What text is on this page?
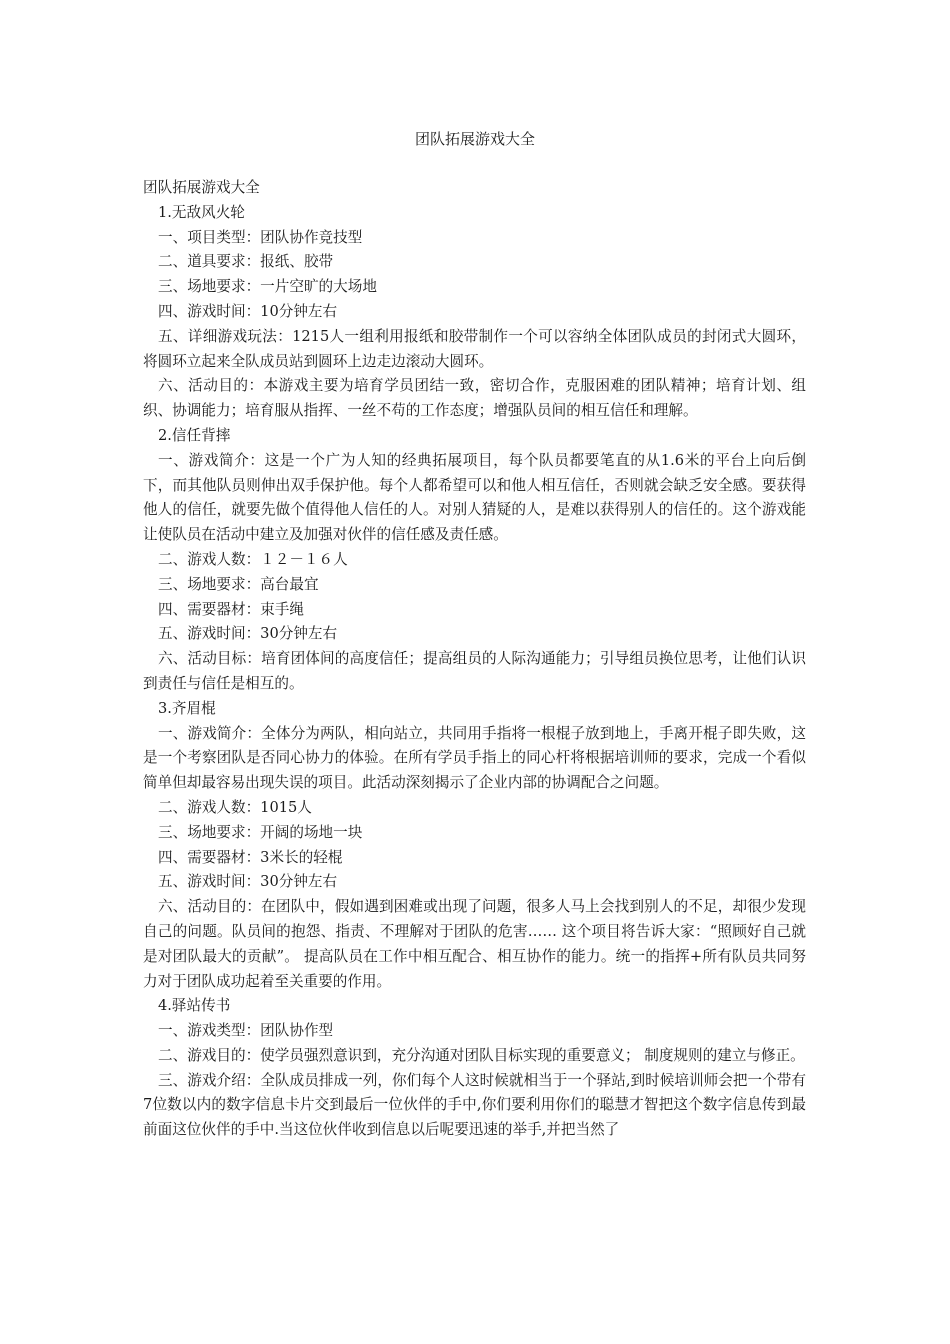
团队拓展游戏大全

团队拓展游戏大全

1.无敌风火轮

一、项目类型：团队协作竞技型

二、道具要求：报纸、胶带

三、场地要求：一片空旷的大场地

四、游戏时间：10分钟左右

五、详细游戏玩法：1215人一组利用报纸和胶带制作一个可以容纳全体团队成员的封闭式大圆环，将圆环立起来全队成员站到圆环上边走边滚动大圆环。

六、活动目的：本游戏主要为培育学员团结一致，密切合作，克服困难的团队精神；培育计划、组织、协调能力；培育服从指挥、一丝不苟的工作态度；增强队员间的相互信任和理解。

2.信任背摔

一、游戏简介：这是一个广为人知的经典拓展项目，每个队员都要笔直的从1.6米的平台上向后倒下，而其他队员则伸出双手保护他。每个人都希望可以和他人相互信任，否则就会缺乏安全感。要获得他人的信任，就要先做个值得他人信任的人。对别人猜疑的人，是难以获得别人的信任的。这个游戏能让使队员在活动中建立及加强对伙伴的信任感及责任感。

二、游戏人数：１２－１６人

三、场地要求：高台最宜

四、需要器材：束手绳

五、游戏时间：30分钟左右

六、活动目标：培育团体间的高度信任；提高组员的人际沟通能力；引导组员换位思考，让他们认识到责任与信任是相互的。

3.齐眉棍

一、游戏简介：全体分为两队，相向站立，共同用手指将一根棍子放到地上，手离开棍子即失败，这是一个考察团队是否同心协力的体验。在所有学员手指上的同心杆将根据培训师的要求，完成一个看似简单但却最容易出现失误的项目。此活动深刻揭示了企业内部的协调配合之问题。

二、游戏人数：1015人

三、场地要求：开阔的场地一块

四、需要器材：3米长的轻棍

五、游戏时间：30分钟左右

六、活动目的：在团队中，假如遇到困难或出现了问题，很多人马上会找到别人的不足，却很少发现自己的问题。队员间的抱怨、指责、不理解对于团队的危害…… 这个项目将告诉大家：“照顾好自己就是对团队最大的贡献”。 提高队员在工作中相互配合、相互协作的能力。统一的指挥+所有队员共同努力对于团队成功起着至关重要的作用。

4.驿站传书

一、游戏类型：团队协作型

二、游戏目的：使学员强烈意识到，充分沟通对团队目标实现的重要意义； 制度规则的建立与修正。

三、游戏介绍：全队成员排成一列，你们每个人这时候就相当于一个驿站,到时候培训师会把一个带有7位数以内的数字信息卡片交到最后一位伙伴的手中,你们要利用你们的聪慧才智把这个数字信息传到最前面这位伙伴的手中.当这位伙伴收到信息以后呢要迅速的举手,并把当然了
